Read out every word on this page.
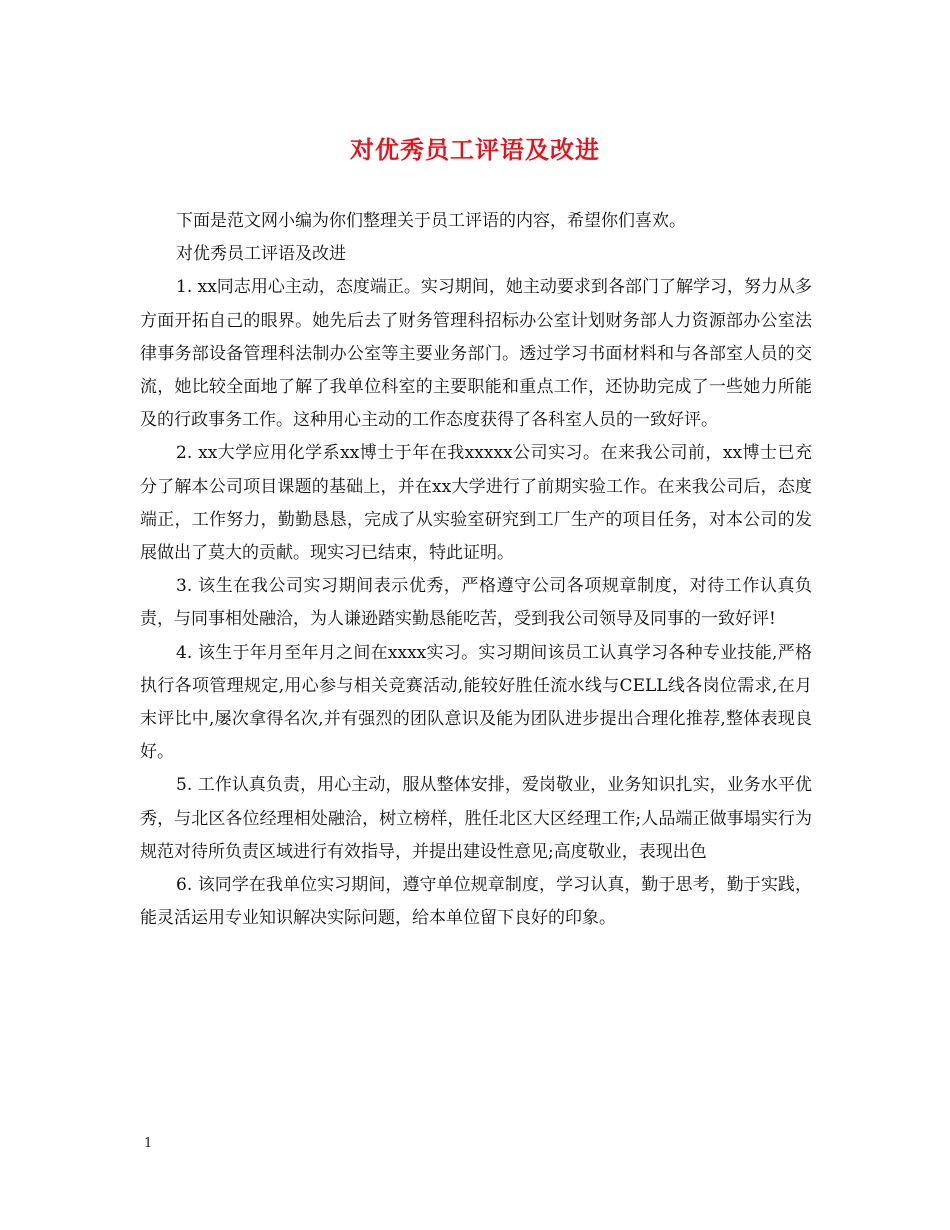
对优秀员工评语及改进

下面是范文网小编为你们整理关于员工评语的内容，希望你们喜欢。

对优秀员工评语及改进

1. xx同志用心主动，态度端正。实习期间，她主动要求到各部门了解学习，努力从多方面开拓自己的眼界。她先后去了财务管理科招标办公室计划财务部人力资源部办公室法律事务部设备管理科法制办公室等主要业务部门。透过学习书面材料和与各部室人员的交流，她比较全面地了解了我单位科室的主要职能和重点工作，还协助完成了一些她力所能及的行政事务工作。这种用心主动的工作态度获得了各科室人员的一致好评。

2. xx大学应用化学系xx博士于年在我xxxxx公司实习。在来我公司前，xx博士已充分了解本公司项目课题的基础上，并在xx大学进行了前期实验工作。在来我公司后，态度端正，工作努力，勤勤恳恳，完成了从实验室研究到工厂生产的项目任务，对本公司的发展做出了莫大的贡献。现实习已结束，特此证明。

3. 该生在我公司实习期间表示优秀，严格遵守公司各项规章制度，对待工作认真负责，与同事相处融洽，为人谦逊踏实勤恳能吃苦，受到我公司领导及同事的一致好评!

4. 该生于年月至年月之间在xxxx实习。实习期间该员工认真学习各种专业技能,严格执行各项管理规定,用心参与相关竞赛活动,能较好胜任流水线与CELL线各岗位需求,在月末评比中,屡次拿得名次,并有强烈的团队意识及能为团队进步提出合理化推荐,整体表现良好。

5. 工作认真负责，用心主动，服从整体安排，爱岗敬业，业务知识扎实，业务水平优秀，与北区各位经理相处融洽，树立榜样，胜任北区大区经理工作;人品端正做事塌实行为规范对待所负责区域进行有效指导，并提出建设性意见;高度敬业，表现出色

6. 该同学在我单位实习期间，遵守单位规章制度，学习认真，勤于思考，勤于实践，能灵活运用专业知识解决实际问题，给本单位留下良好的印象。

1
